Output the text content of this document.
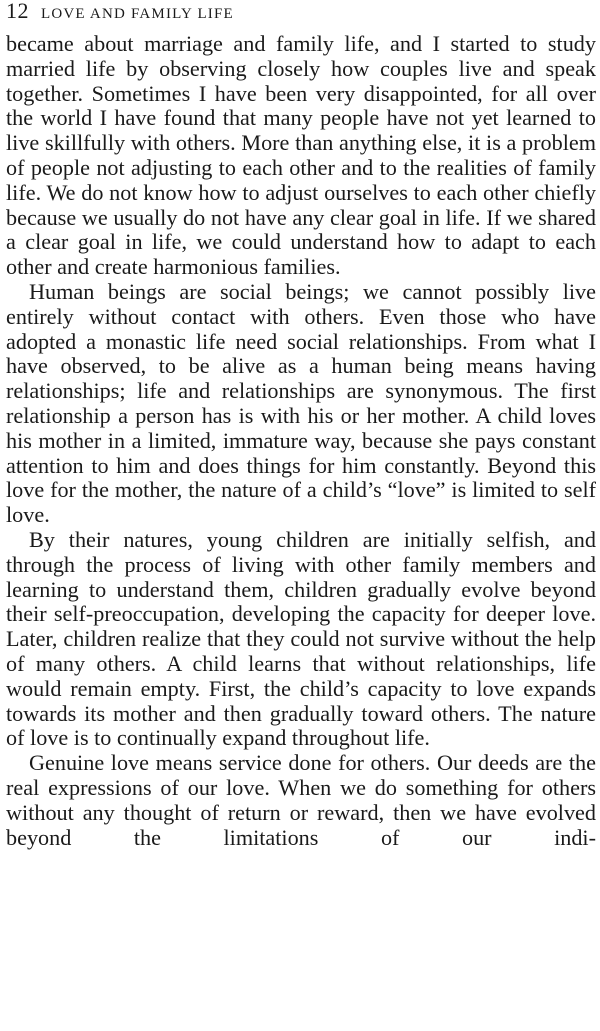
12 LOVE AND FAMILY LIFE

became about marriage and family life, and I started to study married life by observing closely how couples live and speak together. Sometimes I have been very disappointed, for all over the world I have found that many people have not yet learned to live skillfully with others. More than anything else, it is a problem of people not adjusting to each other and to the realities of family life. We do not know how to adjust ourselves to each other chiefly because we usually do not have any clear goal in life. If we shared a clear goal in life, we could understand how to adapt to each other and create harmonious families.

Human beings are social beings; we cannot possibly live entirely without contact with others. Even those who have adopted a monastic life need social relationships. From what I have observed, to be alive as a human being means having relationships; life and relationships are synonymous. The first relationship a person has is with his or her mother. A child loves his mother in a limited, immature way, because she pays constant attention to him and does things for him constantly. Beyond this love for the mother, the nature of a child’s “love” is limited to self love.

By their natures, young children are initially selfish, and through the process of living with other family members and learning to understand them, children gradually evolve beyond their self-preoccupation, developing the capacity for deeper love. Later, children realize that they could not survive without the help of many others. A child learns that without relationships, life would remain empty. First, the child’s capacity to love expands towards its mother and then gradually toward others. The nature of love is to continually expand throughout life.

Genuine love means service done for others. Our deeds are the real expressions of our love. When we do something for others without any thought of return or reward, then we have evolved beyond the limitations of our indi-
